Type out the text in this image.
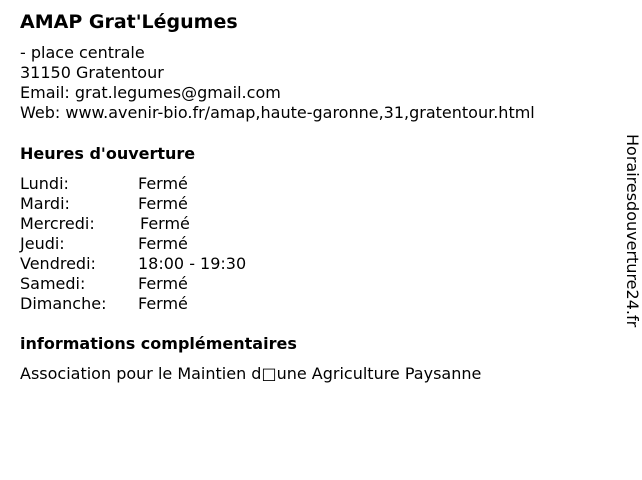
AMAP Grat'Légumes
- place centrale
31150 Gratentour
Email: grat.legumes@gmail.com
Web: www.avenir-bio.fr/amap,haute-garonne,31,gratentour.html
Heures d'ouverture
Lundi:	Fermé
Mardi:	Fermé
Mercredi:	Fermé
Jeudi:	Fermé
Vendredi:	18:00 - 19:30
Samedi:	Fermé
Dimanche: Fermé
informations complémentaires
Association pour le Maintien d□une Agriculture Paysanne
Horairesdouverture24.fr
